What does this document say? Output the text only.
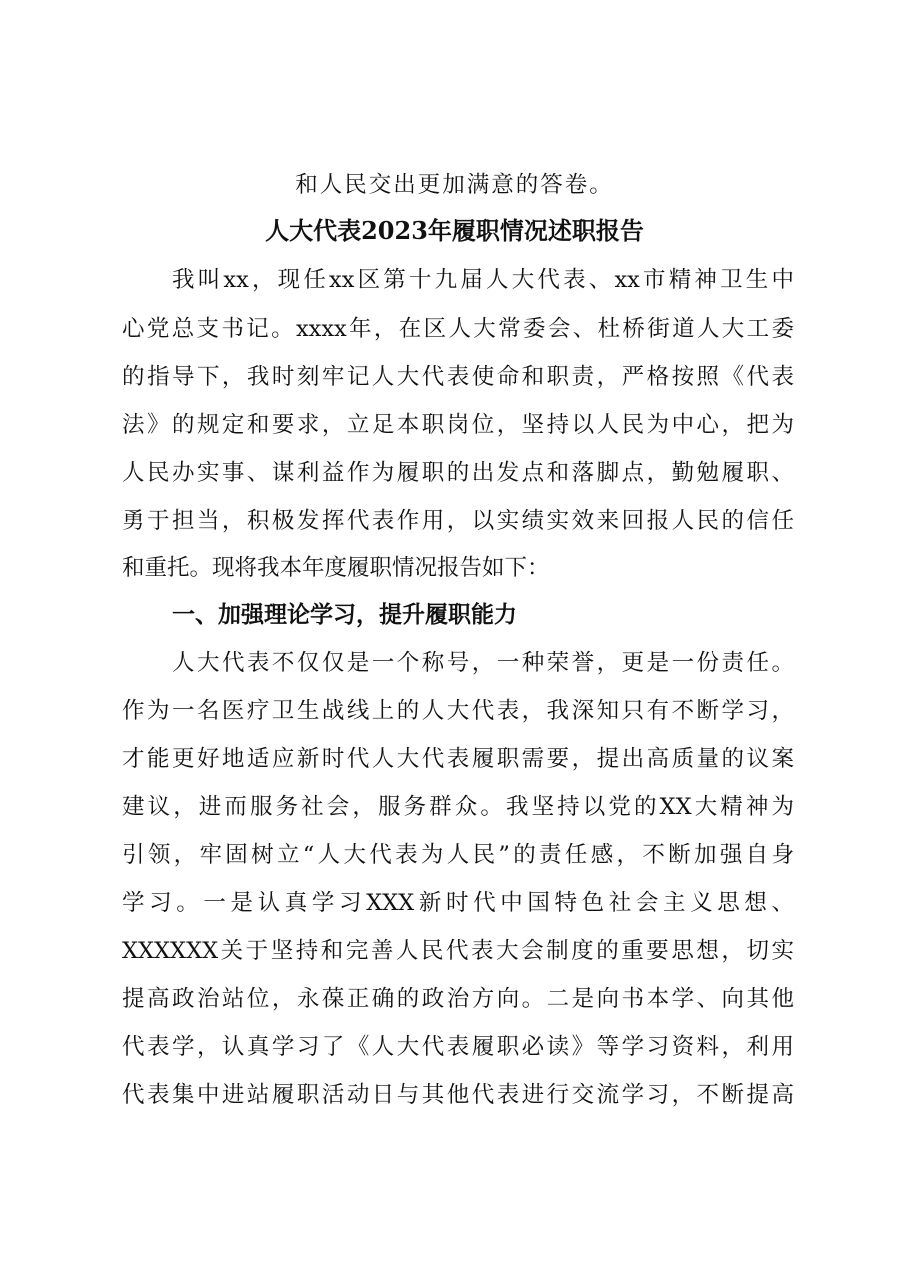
和人民交出更加满意的答卷。
人大代表2023年履职情况述职报告
我叫xx，现任xx区第十九届人大代表、xx市精神卫生中
心党总支书记。xxxx年，在区人大常委会、杜桥街道人大工委
的指导下，我时刻牢记人大代表使命和职责，严格按照《代表
法》的规定和要求，立足本职岗位，坚持以人民为中心，把为
人民办实事、谋利益作为履职的出发点和落脚点，勤勉履职、
勇于担当，积极发挥代表作用，以实绩实效来回报人民的信任
和重托。现将我本年度履职情况报告如下：
一、加强理论学习，提升履职能力
人大代表不仅仅是一个称号，一种荣誉，更是一份责任。
作为一名医疗卫生战线上的人大代表，我深知只有不断学习，
才能更好地适应新时代人大代表履职需要，提出高质量的议案
建议，进而服务社会，服务群众。我坚持以党的XX大精神为
引领，牢固树立“人大代表为人民”的责任感，不断加强自身
学习。一是认真学习XXX新时代中国特色社会主义思想、
XXXXXX关于坚持和完善人民代表大会制度的重要思想，切实
提高政治站位，永葆正确的政治方向。二是向书本学、向其他
代表学，认真学习了《人大代表履职必读》等学习资料，利用
代表集中进站履职活动日与其他代表进行交流学习，不断提高
